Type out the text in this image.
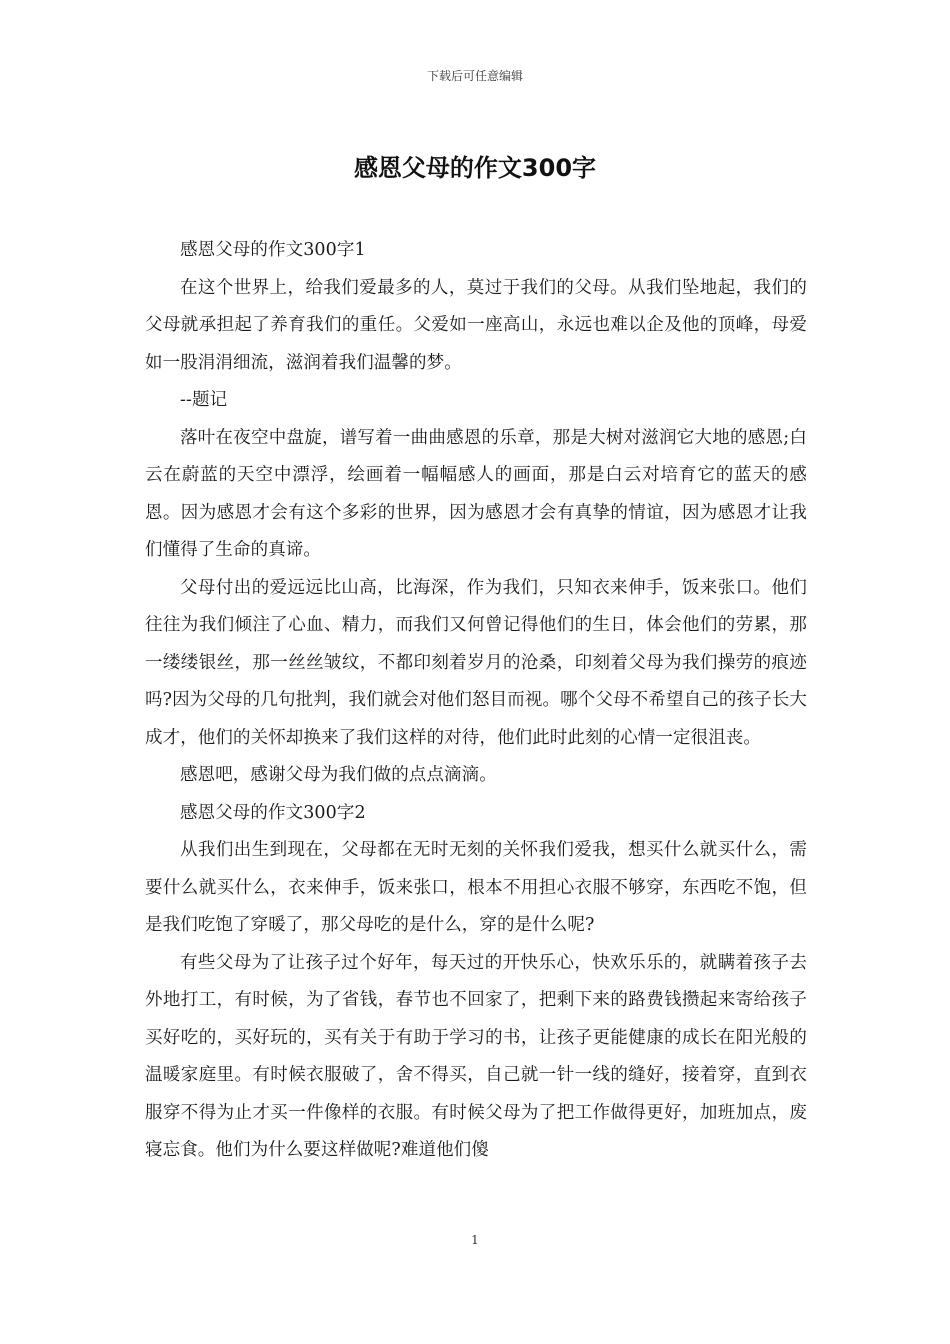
下载后可任意编辑
感恩父母的作文300字

感恩父母的作文300字1

在这个世界上，给我们爱最多的人，莫过于我们的父母。从我们坠地起，我们的父母就承担起了养育我们的重任。父爱如一座高山，永远也难以企及他的顶峰，母爱如一股涓涓细流，滋润着我们温馨的梦。

--题记

落叶在夜空中盘旋，谱写着一曲曲感恩的乐章，那是大树对滋润它大地的感恩;白云在蔚蓝的天空中漂浮，绘画着一幅幅感人的画面，那是白云对培育它的蓝天的感恩。因为感恩才会有这个多彩的世界，因为感恩才会有真挚的情谊，因为感恩才让我们懂得了生命的真谛。

父母付出的爱远远比山高，比海深，作为我们，只知衣来伸手，饭来张口。他们往往为我们倾注了心血、精力，而我们又何曾记得他们的生日，体会他们的劳累，那一缕缕银丝，那一丝丝皱纹，不都印刻着岁月的沧桑，印刻着父母为我们操劳的痕迹吗?因为父母的几句批判，我们就会对他们怒目而视。哪个父母不希望自己的孩子长大成才，他们的关怀却换来了我们这样的对待，他们此时此刻的心情一定很沮丧。

感恩吧，感谢父母为我们做的点点滴滴。

感恩父母的作文300字2

从我们出生到现在，父母都在无时无刻的关怀我们爱我，想买什么就买什么，需要什么就买什么，衣来伸手，饭来张口，根本不用担心衣服不够穿，东西吃不饱，但是我们吃饱了穿暖了，那父母吃的是什么，穿的是什么呢?

有些父母为了让孩子过个好年，每天过的开快乐心，快欢乐乐的，就瞒着孩子去外地打工，有时候，为了省钱，春节也不回家了，把剩下来的路费钱攒起来寄给孩子买好吃的，买好玩的，买有关于有助于学习的书，让孩子更能健康的成长在阳光般的温暖家庭里。有时候衣服破了，舍不得买，自己就一针一线的缝好，接着穿，直到衣服穿不得为止才买一件像样的衣服。有时候父母为了把工作做得更好，加班加点，废寝忘食。他们为什么要这样做呢?难道他们傻

1
